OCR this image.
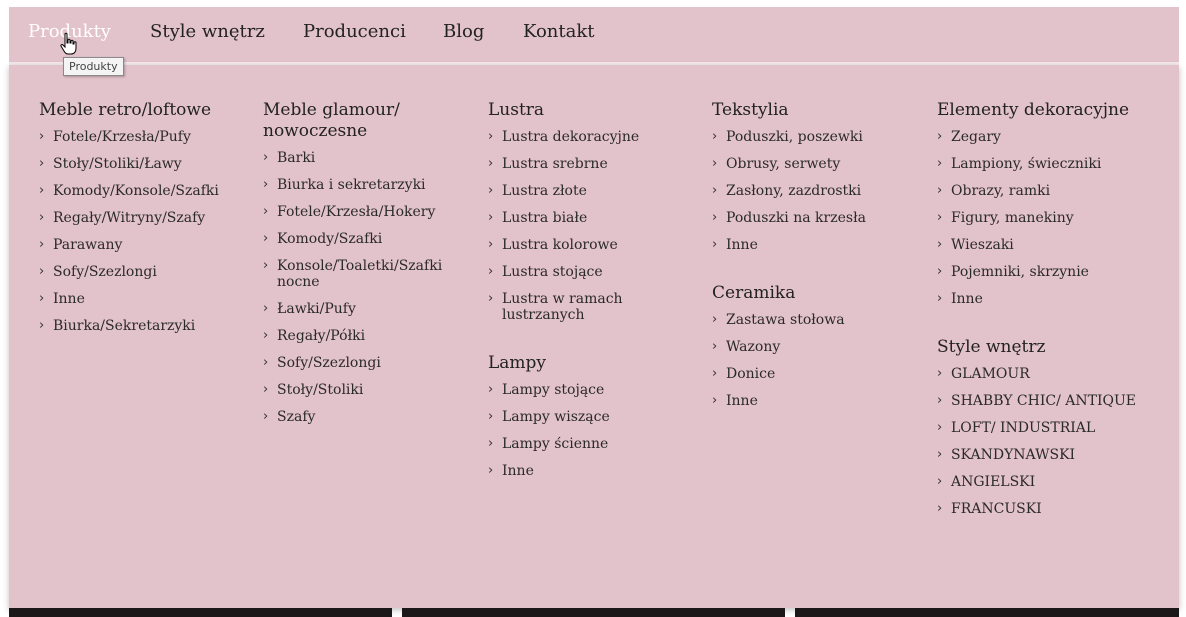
Produkty Style wnętrz Producenci Blog Kontakt
Meble retro/loftowe
› Fotele/Krzesła/Pufy
› Stoły/Stoliki/Ławy
› Komody/Konsole/Szafki
› Regały/Witryny/Szafy
› Parawany
› Sofy/Szezlongi
› Inne
› Biurka/Sekretarzyki
Meble glamour/ nowoczesne
› Barki
› Biurka i sekretarzyki
› Fotele/Krzesła/Hokery
› Komody/Szafki
› Konsole/Toaletki/Szafki nocne
› Ławki/Pufy
› Regały/Półki
› Sofy/Szezlongi
› Stoły/Stoliki
› Szafy
Lustra
› Lustra dekoracyjne
› Lustra srebrne
› Lustra złote
› Lustra białe
› Lustra kolorowe
› Lustra stojące
› Lustra w ramach lustrzanych
Lampy
› Lampy stojące
› Lampy wiszące
› Lampy ścienne
› Inne
Tekstylia
› Poduszki, poszewki
› Obrusy, serwety
› Zasłony, zazdrostki
› Poduszki na krzesła
› Inne
Ceramika
› Zastawa stołowa
› Wazony
› Donice
› Inne
Elementy dekoracyjne
› Zegary
› Lampiony, świeczniki
› Obrazy, ramki
› Figury, manekiny
› Wieszaki
› Pojemniki, skrzynie
› Inne
Style wnętrz
› GLAMOUR
› SHABBY CHIC/ ANTIQUE
› LOFT/ INDUSTRIAL
› SKANDYNAWSKI
› ANGIELSKI
› FRANCUSKI
Produkty
